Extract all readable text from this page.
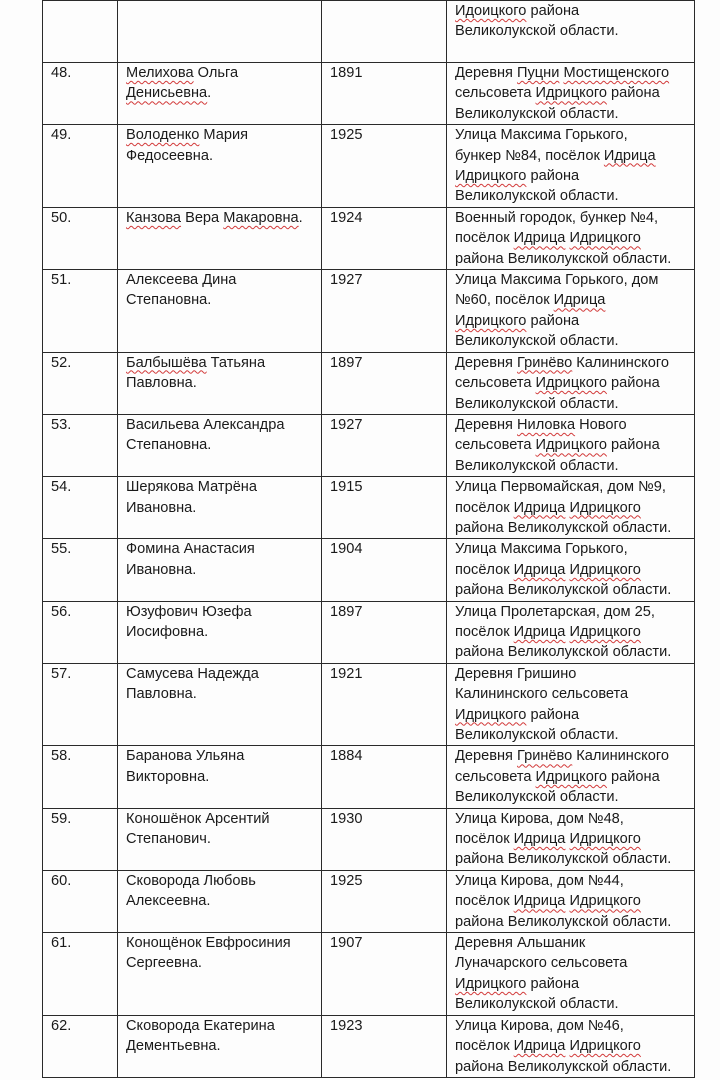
			Идоицкого района
Великолукской области.

48.	Мелихова Ольга
Денисьевна.	1891	Деревня Пуцни Мостищенского
сельсовета Идрицкого района
Великолукской области.

49.	Володенко Мария
Федосеевна.	1925	Улица Максима Горького,
бункер №84, посёлок Идрица
Идрицкого района
Великолукской области.

50.	Канзова Вера Макаровна.	1924	Военный городок, бункер №4,
посёлок Идрица Идрицкого
района Великолукской области.

51.	Алексеева Дина
Степановна.	1927	Улица Максима Горького, дом
№60, посёлок Идрица
Идрицкого района
Великолукской области.

52.	Балбышёва Татьяна
Павловна.	1897	Деревня Гринёво Калининского
сельсовета Идрицкого района
Великолукской области.

53.	Васильева Александра
Степановна.	1927	Деревня Ниловка Нового
сельсовета Идрицкого района
Великолукской области.

54.	Шерякова Матрёна
Ивановна.	1915	Улица Первомайская, дом №9,
посёлок Идрица Идрицкого
района Великолукской области.

55.	Фомина Анастасия
Ивановна.	1904	Улица Максима Горького,
посёлок Идрица Идрицкого
района Великолукской области.

56.	Юзуфович Юзефа
Иосифовна.	1897	Улица Пролетарская, дом 25,
посёлок Идрица Идрицкого
района Великолукской области.

57.	Самусева Надежда
Павловна.	1921	Деревня Гришино
Калининского сельсовета
Идрицкого района
Великолукской области.

58.	Баранова Ульяна
Викторовна.	1884	Деревня Гринёво Калининского
сельсовета Идрицкого района
Великолукской области.

59.	Коношёнок Арсентий
Степанович.	1930	Улица Кирова, дом №48,
посёлок Идрица Идрицкого
района Великолукской области.

60.	Сковорода Любовь
Алексеевна.	1925	Улица Кирова, дом №44,
посёлок Идрица Идрицкого
района Великолукской области.

61.	Конощёнок Евфросиния
Сергеевна.	1907	Деревня Альшаник
Луначарского сельсовета
Идрицкого района
Великолукской области.

62.	Сковорода Екатерина
Дементьевна.	1923	Улица Кирова, дом №46,
посёлок Идрица Идрицкого
района Великолукской области.
